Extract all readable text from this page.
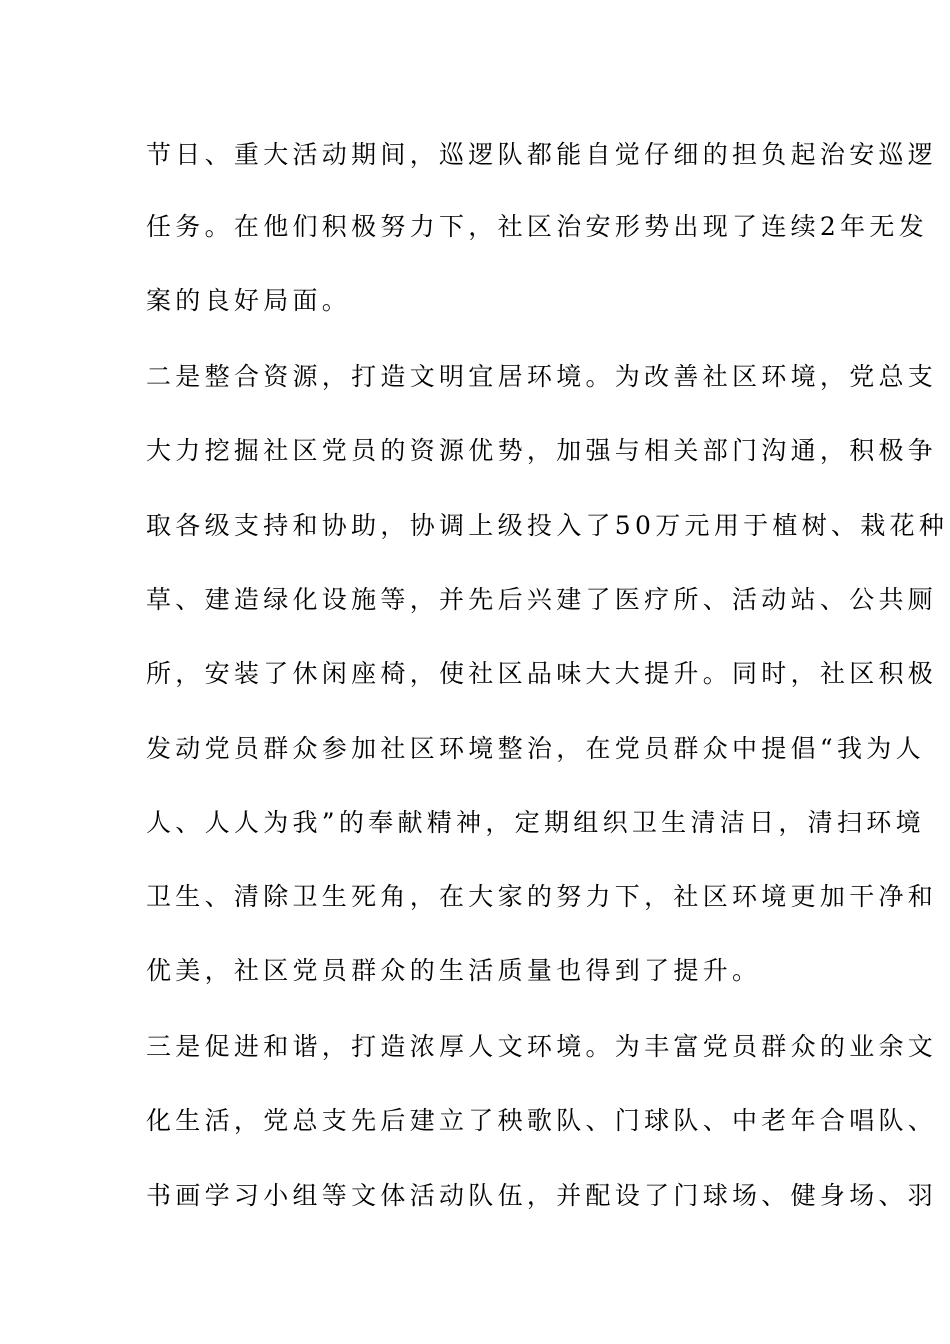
节日、重大活动期间，巡逻队都能自觉仔细的担负起治安巡逻
任务。在他们积极努力下，社区治安形势出现了连续2年无发
案的良好局面。
二是整合资源，打造文明宜居环境。为改善社区环境，党总支
大力挖掘社区党员的资源优势，加强与相关部门沟通，积极争
取各级支持和协助，协调上级投入了50万元用于植树、栽花种
草、建造绿化设施等，并先后兴建了医疗所、活动站、公共厕
所，安装了休闲座椅，使社区品味大大提升。同时，社区积极
发动党员群众参加社区环境整治，在党员群众中提倡“我为人
人、人人为我”的奉献精神，定期组织卫生清洁日，清扫环境
卫生、清除卫生死角，在大家的努力下，社区环境更加干净和
优美，社区党员群众的生活质量也得到了提升。
三是促进和谐，打造浓厚人文环境。为丰富党员群众的业余文
化生活，党总支先后建立了秧歌队、门球队、中老年合唱队、
书画学习小组等文体活动队伍，并配设了门球场、健身场、羽
